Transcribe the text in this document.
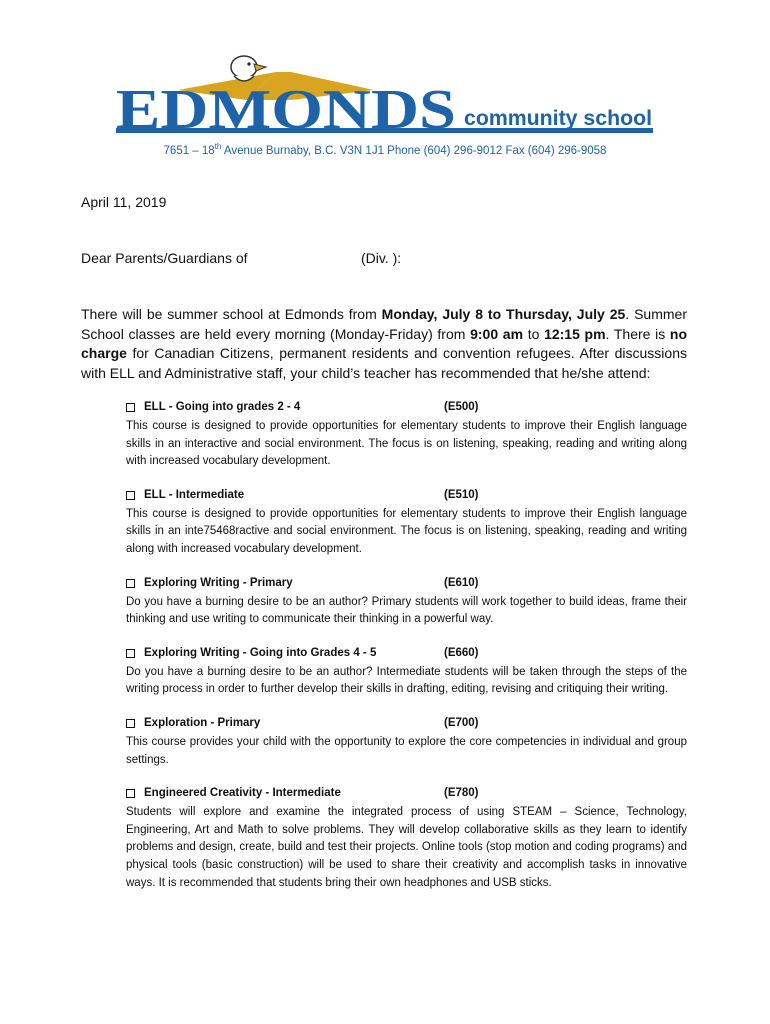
EDMONDS community school
7651 – 18th Avenue Burnaby, B.C. V3N 1J1 Phone (604) 296-9012 Fax (604) 296-9058
April 11, 2019
Dear Parents/Guardians of	(Div. ):
There will be summer school at Edmonds from Monday, July 8 to Thursday, July 25. Summer School classes are held every morning (Monday-Friday) from 9:00 am to 12:15 pm. There is no charge for Canadian Citizens, permanent residents and convention refugees. After discussions with ELL and Administrative staff, your child’s teacher has recommended that he/she attend:
ELL - Going into grades 2 - 4	(E500)
This course is designed to provide opportunities for elementary students to improve their English language skills in an interactive and social environment. The focus is on listening, speaking, reading and writing along with increased vocabulary development.
ELL - Intermediate	(E510)
This course is designed to provide opportunities for elementary students to improve their English language skills in an inte75468ractive and social environment. The focus is on listening, speaking, reading and writing along with increased vocabulary development.
Exploring Writing - Primary	(E610)
Do you have a burning desire to be an author? Primary students will work together to build ideas, frame their thinking and use writing to communicate their thinking in a powerful way.
Exploring Writing - Going into Grades 4 - 5	(E660)
Do you have a burning desire to be an author? Intermediate students will be taken through the steps of the writing process in order to further develop their skills in drafting, editing, revising and critiquing their writing.
Exploration - Primary	(E700)
This course provides your child with the opportunity to explore the core competencies in individual and group settings.
Engineered Creativity - Intermediate	(E780)
Students will explore and examine the integrated process of using STEAM – Science, Technology, Engineering, Art and Math to solve problems. They will develop collaborative skills as they learn to identify problems and design, create, build and test their projects. Online tools (stop motion and coding programs) and physical tools (basic construction) will be used to share their creativity and accomplish tasks in innovative ways. It is recommended that students bring their own headphones and USB sticks.
